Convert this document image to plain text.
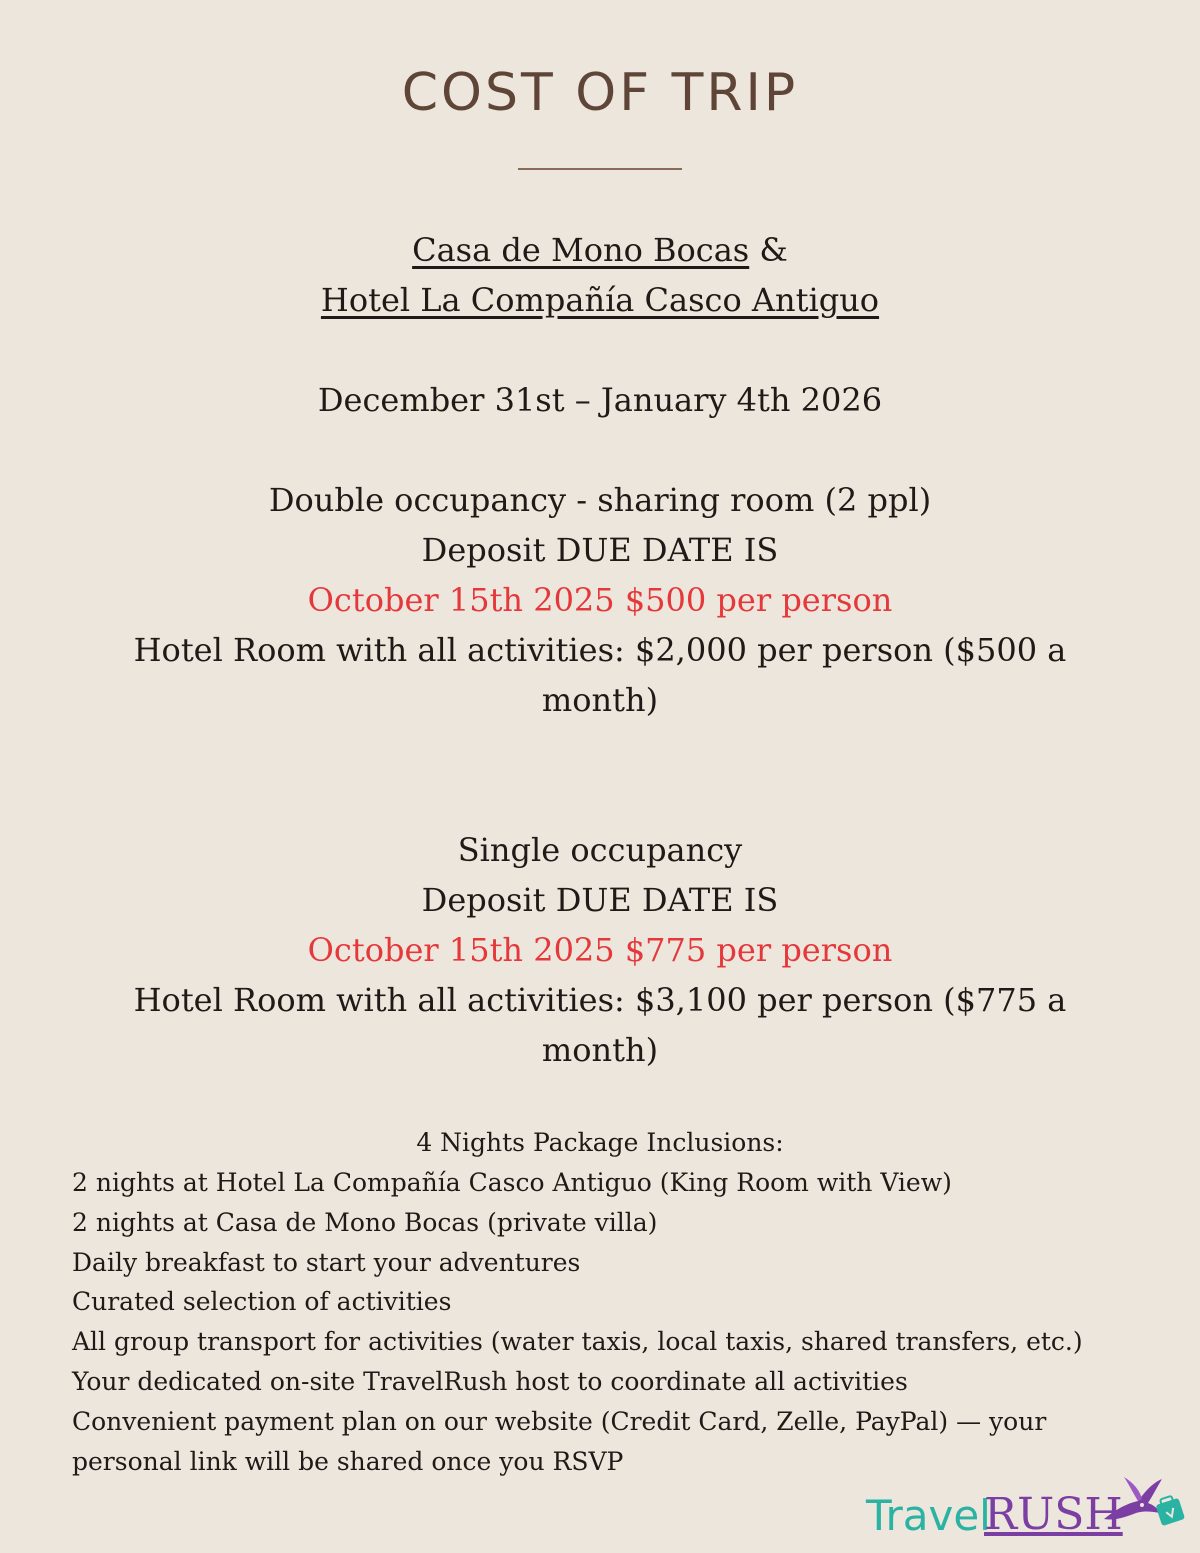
COST OF TRIP
Casa de Mono Bocas &
Hotel La Compañía Casco Antiguo
December 31st – January 4th 2026
Double occupancy - sharing room (2 ppl)
Deposit DUE DATE IS
October 15th 2025 $500 per person
Hotel Room with all activities: $2,000 per person ($500 a
month)
Single occupancy
Deposit DUE DATE IS
October 15th 2025 $775 per person
Hotel Room with all activities: $3,100 per person ($775 a
month)
4 Nights Package Inclusions:
2 nights at Hotel La Compañía Casco Antiguo (King Room with View)
2 nights at Casa de Mono Bocas (private villa)
Daily breakfast to start your adventures
Curated selection of activities
All group transport for activities (water taxis, local taxis, shared transfers, etc.)
Your dedicated on-site TravelRush host to coordinate all activities
Convenient payment plan on our website (Credit Card, Zelle, PayPal) — your
personal link will be shared once you RSVP
Travel
RUSH
